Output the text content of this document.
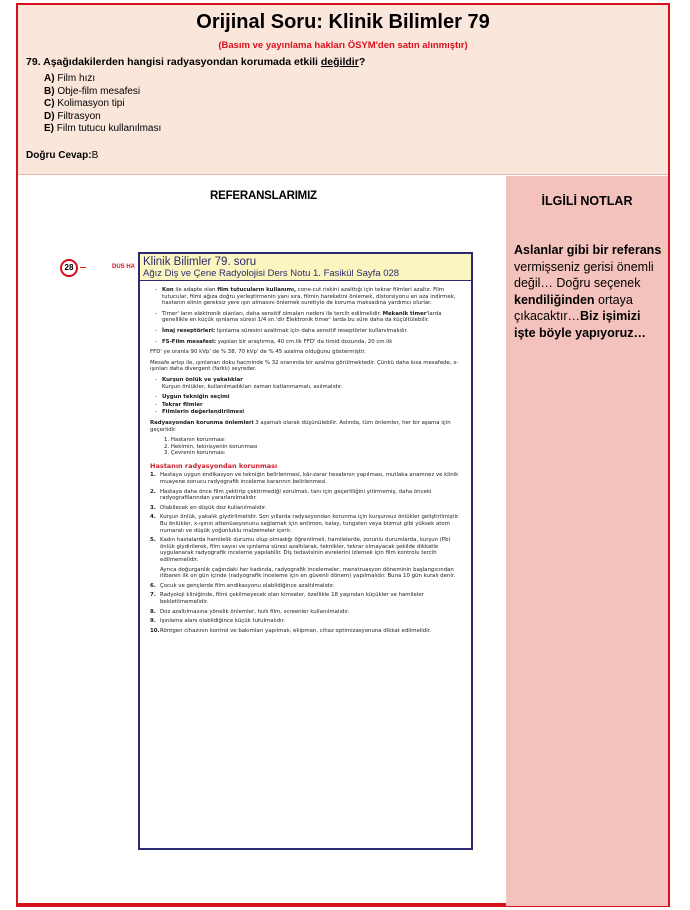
Orijinal Soru: Klinik Bilimler 79
(Basım ve yayınlama hakları ÖSYM'den satın alınmıştır)
79. Aşağıdakilerden hangisi radyasyondan korumada etkili değildir?
A) Film hızı
B) Obje-film mesafesi
C) Kolimasyon tipi
D) Filtrasyon
E) Film tutucu kullanılması
Doğru Cevap:B
REFERANSLARIMIZ
28	DUS HA Klinik Bilimler 79. soru
Ağız Diş ve Çene Radyolojisi Ders Notu 1. Fasikül Sayfa 028
- Kon ile adapte olan film tutucuların kullanımı, cone-cut riskini azalttığı için tekrar filmleri azaltır. Film tutucular, filmi ağıza doğru yerleştirmenin yanı sıra, filmin hareketini önlemek, distorsiyonu en aza indirmek, hastanın elinin gereksiz yere ışın almasını önlemek suretiyle de koruma maksadına yardımcı olurlar.
- Timer' ların elektronik olanları, daha sensitif olmaları nedeni ile tercih edilmelidir. Mekanik timer'larda genellikle en küçük ışınlama süresi 1/4 sn.'dir Elektronik timer' larda bu süre daha da küçültülebilir.
- İmaj reseptörleri: Işınlama süresini azaltmak için daha sensitif reseptörler kullanılmalıdır.
- FS-Film mesafesi: yapılan bir araştırma, 40 cm.lik FFD' da tiroid dozunda, 20 cm.lik

FFD' ye oranla 90 kVp' de % 38, 70 kVp' de % 45 azalma olduğunu göstermiştir.

Mesafe artışı ile, ışınlanan doku hacminde % 32 oranında bir azalma görülmektedir. Çünkü daha kısa mesafede, x-ışınları daha divergent (farklı) seyreder.

- Kurşun önlük ve yakalıklar
Kurşun önlükler, kullanılmadıkları zaman katlanmamalı, asılmalıdır.
- Uygun tekniğin seçimi
- Tekrar filmler
- Filmlerin değerlendirilmesi

Radyasyondan korunma önlemleri 3 aşamalı olarak düşünülebilir. Aslında, tüm önlemler, her bir aşama için geçerlidir.

1. Hastanın korunması
2. Hekimin, teknisyenin korunması
3. Çevrenin korunması
Hastanın radyasyondan korunması
1. Hastaya uygun endikasyon ve tekniğin belirlenmesi, kâr-zarar hesabının yapılması, mutlaka anamnez ve klinik muayene sonucu radyografik inceleme kararının belirlenmesi.
2. Hastaya daha önce film çektirip çektirmediği sorulmalı, tanı için geçerliliğini yitirmemiş, daha önceki radyografilarından yararlanılmalıdır.
3. Olabilecek en düşük doz kullanılmalıdır.
4. Kurşun önlük, yakalık giydirilmelidir. Son yıllarda radyasyondan korunma için kurşunsuz önlükler geliştirilmiştir. Bu önlükler, x-ışının attenüasyonunu sağlamak için antimon, kalay, tungsten veya bizmut gibi yüksek atom numaralı ve düşük yoğunluklu malzemeler içerir.
5. Kadın hastalarda hamilelik durumu olup olmadığı öğrenilmeli, hamilelerde, zorunlu durumlarda, kurşun (Pb) önlük giydirilerek, film sayısı ve ışınlama süresi azaltılarak, teknikler, tekrar olmayacak şekilde dikkatle uygulanarak radyografik inceleme yapılabilir. Diş tedavisinin evrelerini izlemek için film kontrolu tercih edilmemelidir.
Ayrıca doğurganlık çağındaki her kadında, radyografik incelemeler, menstruasyon döneminin başlangıcından itibaren ilk on gün içinde (radyografik inceleme için en güvenli dönem) yapılmalıdır. Buna 10 gün kuralı denir.
6. Çocuk ve gençlerde film endikasyonu olabildiğince azaltılmalıdır.
7. Radyoloji kliniğinde, filmi çekilmeyecek olan kimseler, özellikle 18 yaşından küçükler ve hamileler bekletilmemelidir.
8. Doz azaltılmasına yönelik önlemler, hızlı film, screenler kullanılmalıdır.
9. Işınlama alanı olabildiğince küçük tutulmalıdır.
10. Röntgen cihazının kontrol ve bakımları yapılmalı, ekipman, cihaz optimizasyonuna dikkat edilmelidir.
İLGİLİ NOTLAR
Aslanlar gibi bir referans vermişseniz gerisi önemli değil… Doğru seçenek kendiliğinden ortaya çıkacaktır…Biz işimizi işte böyle yapıyoruz…
